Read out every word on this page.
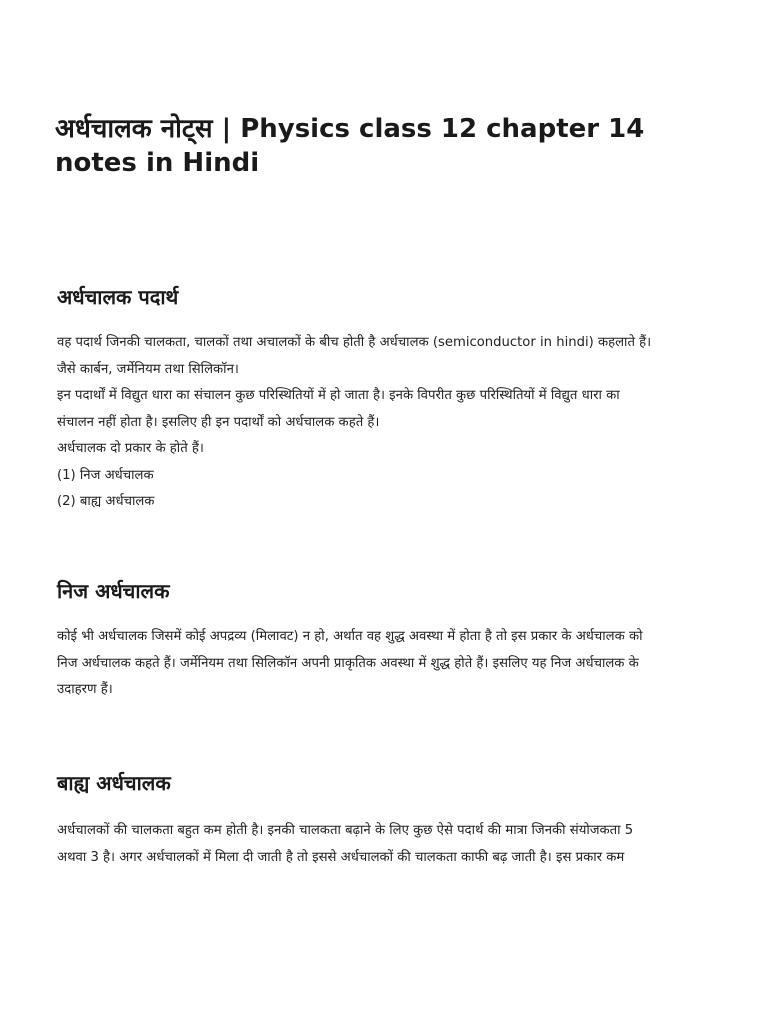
अर्धचालक नोट्स | Physics class 12 chapter 14 notes in Hindi
अर्धचालक पदार्थ
वह पदार्थ जिनकी चालकता, चालकों तथा अचालकों के बीच होती है अर्धचालक (semiconductor in hindi) कहलाते हैं।
जैसे कार्बन, जर्मेनियम तथा सिलिकॉन।
इन पदार्थों में विद्युत धारा का संचालन कुछ परिस्थितियों में हो जाता है। इनके विपरीत कुछ परिस्थितियों में विद्युत धारा का
संचालन नहीं होता है। इसलिए ही इन पदार्थों को अर्धचालक कहते हैं।
अर्धचालक दो प्रकार के होते हैं।
(1) निज अर्धचालक
(2) बाह्य अर्धचालक
निज अर्धचालक
कोई भी अर्धचालक जिसमें कोई अपद्रव्य (मिलावट) न हो, अर्थात वह शुद्ध अवस्था में होता है तो इस प्रकार के अर्धचालक को
निज अर्धचालक कहते हैं। जर्मेनियम तथा सिलिकॉन अपनी प्राकृतिक अवस्था में शुद्ध होते हैं। इसलिए यह निज अर्धचालक के
उदाहरण हैं।
बाह्य अर्धचालक
अर्धचालकों की चालकता बहुत कम होती है। इनकी चालकता बढ़ाने के लिए कुछ ऐसे पदार्थ की मात्रा जिनकी संयोजकता 5
अथवा 3 है। अगर अर्धचालकों में मिला दी जाती है तो इससे अर्धचालकों की चालकता काफी बढ़ जाती है। इस प्रकार कम
